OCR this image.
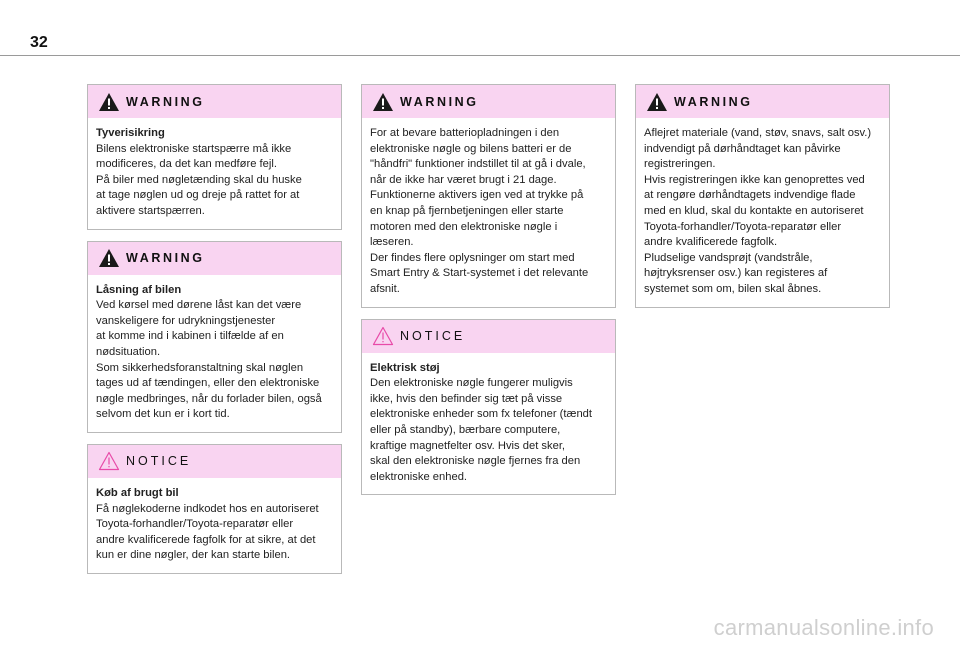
32
WARNING
Tyverisikring
Bilens elektroniske startspærre må ikke
modificeres, da det kan medføre fejl.
På biler med nøgletænding skal du huske
at tage nøglen ud og dreje på rattet for at
aktivere startspærren.
WARNING
Låsning af bilen
Ved kørsel med dørene låst kan det være
vanskeligere for udrykningstjenester
at komme ind i kabinen i tilfælde af en
nødsituation.
Som sikkerhedsforanstaltning skal nøglen
tages ud af tændingen, eller den elektroniske
nøgle medbringes, når du forlader bilen, også
selvom det kun er i kort tid.
NOTICE
Køb af brugt bil
Få nøglekoderne indkodet hos en autoriseret
Toyota-forhandler/Toyota-reparatør eller
andre kvalificerede fagfolk for at sikre, at det
kun er dine nøgler, der kan starte bilen.
WARNING
For at bevare batteriopladningen i den
elektroniske nøgle og bilens batteri er de
"håndfri" funktioner indstillet til at gå i dvale,
når de ikke har været brugt i 21 dage.
Funktionerne aktivers igen ved at trykke på
en knap på fjernbetjeningen eller starte
motoren med den elektroniske nøgle i
læseren.
Der findes flere oplysninger om start med
Smart Entry & Start-systemet i det relevante
afsnit.
NOTICE
Elektrisk støj
Den elektroniske nøgle fungerer muligvis
ikke, hvis den befinder sig tæt på visse
elektroniske enheder som fx telefoner (tændt
eller på standby), bærbare computere,
kraftige magnetfelter osv. Hvis det sker,
skal den elektroniske nøgle fjernes fra den
elektroniske enhed.
WARNING
Aflejret materiale (vand, støv, snavs, salt osv.)
indvendigt på dørhåndtaget kan påvirke
registreringen.
Hvis registreringen ikke kan genoprettes ved
at rengøre dørhåndtagets indvendige flade
med en klud, skal du kontakte en autoriseret
Toyota-forhandler/Toyota-reparatør eller
andre kvalificerede fagfolk.
Pludselige vandsprøjt (vandstråle,
højtryksrenser osv.) kan registeres af
systemet som om, bilen skal åbnes.
carmanualsonline.info
